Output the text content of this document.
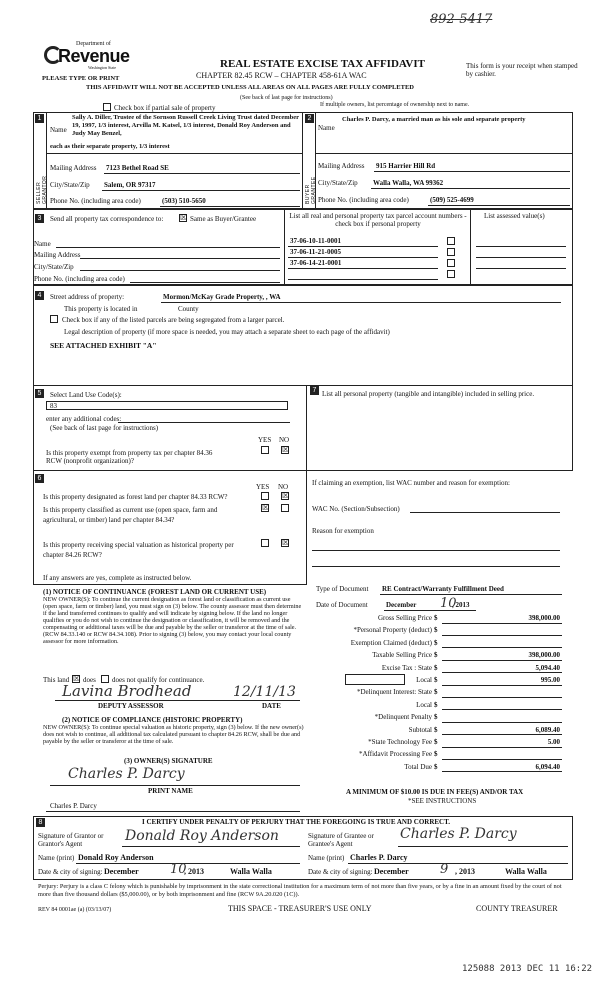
892-5417
Department of
Revenue
Washington State
PLEASE TYPE OR PRINT
REAL ESTATE EXCISE TAX AFFIDAVIT
CHAPTER 82.45 RCW – CHAPTER 458-61A WAC
This form is your receipt when stamped by cashier.
THIS AFFIDAVIT WILL NOT BE ACCEPTED UNLESS ALL AREAS ON ALL PAGES ARE FULLY COMPLETED
(See back of last page for instructions)
Check box if partial sale of property	If multiple owners, list percentage of ownership next to name.
1	2
SELLER GRANTOR	BUYER GRANTEE
Name
Sally A. Diller, Trustee of the Sornson Russell Creek Living Trust dated December 19, 1997, 1/3 interest, Arvilla M. Katsel, 1/3 interest, Donald Roy Anderson and Judy May Benzel,
each as their separate property, 1/3 interest
Mailing Address 7123 Bethel Road SE
City/State/Zip Salem, OR 97317
Phone No. (including area code)	(503) 510-5650
Name
Charles P. Darcy, a married man as his sole and separate property
Mailing Address 915 Harrier Hill Rd
City/State/Zip Walla Walla, WA 99362
Phone No. (including area code)	(509) 525-4699
3	Send all property tax correspondence to: ☒ Same as Buyer/Grantee
Name
Mailing Address
City/State/Zip
Phone No. (including area code)
List all real and personal property tax parcel account numbers - check box if personal property
List assessed value(s)
37-06-10-11-0001
37-06-11-21-0005
37-06-14-21-0001
4	Street address of property:	Mormon/McKay Grade Property, , WA
This property is located in	County
Check box if any of the listed parcels are being segregated from a larger parcel.
Legal description of property (if more space is needed, you may attach a separate sheet to each page of the affidavit)
SEE ATTACHED EXHIBIT "A"
5	Select Land Use Code(s):
83
enter any additional codes:
(See back of last page for instructions)
YES NO
Is this property exempt from property tax per chapter 84.36 RCW (nonprofit organization)?
☒
7 List all personal property (tangible and intangible) included in selling price.
6
YES NO
Is this property designated as forest land per chapter 84.33 RCW?	☒
Is this property classified as current use (open space, farm and agricultural, or timber) land per chapter 84.34?
☒
Is this property receiving special valuation as historical property per chapter 84.26 RCW?
☒
If any answers are yes, complete as instructed below.
(1) NOTICE OF CONTINUANCE (FOREST LAND OR CURRENT USE)
NEW OWNER(S): To continue the current designation as forest land or classification as current use (open space, farm or timber) land, you must sign on (3) below. The county assessor must then determine if the land transferred continues to qualify and will indicate by signing below. If the land no longer qualifies or you do not wish to continue the designation or classification, it will be removed and the compensating or additional taxes will be due and payable by the seller or transferor at the time of sale. (RCW 84.33.140 or RCW 84.34.108). Prior to signing (3) below, you may contact your local county assessor for more information.
This land ☒ does does not qualify for continuance.
Lavina Brodhead	12/11/13
DEPUTY ASSESSOR	DATE
(2) NOTICE OF COMPLIANCE (HISTORIC PROPERTY)
NEW OWNER(S): To continue special valuation as historic property, sign (3) below. If the new owner(s) does not wish to continue, all additional tax calculated pursuant to chapter 84.26 RCW, shall be due and payable by the seller or transferor at the time of sale.
(3) OWNER(S) SIGNATURE
Charles P. Darcy
PRINT NAME
Charles P. Darcy
If claiming an exemption, list WAC number and reason for exemption:
WAC No. (Section/Subsection)
Reason for exemption
Type of Document RE Contract/Warranty Fulfillment Deed
Date of Document	December 10
, 2013
Gross Selling Price $	398,000.00
*Personal Property (deduct) $
Exemption Claimed (deduct) $
Taxable Selling Price $	398,000.00
Excise Tax : State $	5,094.40
Local $	995.00
*Delinquent Interest: State $
Local $
*Delinquent Penalty $
Subtotal $	6,089.40
*State Technology Fee $	5.00
*Affidavit Processing Fee $
Total Due $	6,094.40
A MINIMUM OF $10.00 IS DUE IN FEE(S) AND/OR TAX
*SEE INSTRUCTIONS
8	I CERTIFY UNDER PENALTY OF PERJURY THAT THE FOREGOING IS TRUE AND CORRECT.
Signature of Grantor or Grantor's Agent	Donald Roy Anderson	Signature of Grantee or Grantee's Agent
Charles P. Darcy
Name (print) Donald Roy Anderson	Name (print) Charles P. Darcy
Date & city of signing: December 10
, 2013	Walla Walla	Date & city of signing: December 9 , 2013	Walla Walla
Perjury: Perjury is a class C felony which is punishable by imprisonment in the state correctional institution for a maximum term of not more than five years, or by a fine in an amount fixed by the court of not more than five thousand dollars ($5,000.00), or by both imprisonment and fine (RCW 9A.20.020 (1C)).
REV 84 0001ae (a) (03/13/07)	THIS SPACE - TREASURER'S USE ONLY	COUNTY TREASURER
125088 2013 DEC 11 16:22
